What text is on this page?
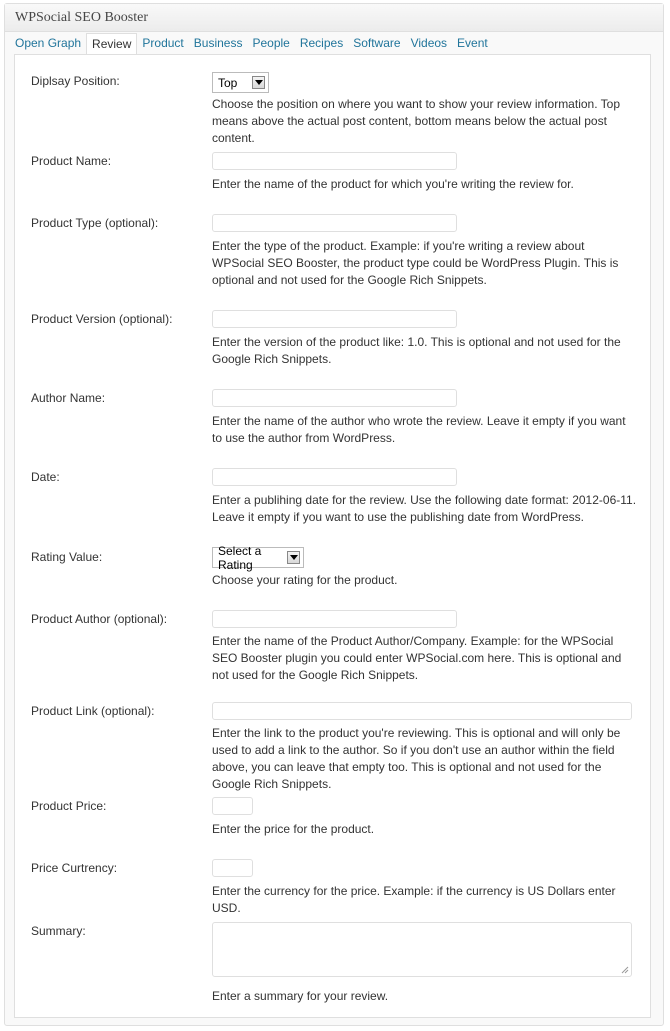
WPSocial SEO Booster
Open Graph Review Product Business People Recipes Software Videos Event
Diplsay Position:	Top
Choose the position on where you want to show your review information. Top means above the actual post content, bottom means below the actual post content.
Product Name:
Enter the name of the product for which you're writing the review for.
Product Type (optional):
Enter the type of the product. Example: if you're writing a review about WPSocial SEO Booster, the product type could be WordPress Plugin. This is optional and not used for the Google Rich Snippets.
Product Version (optional):
Enter the version of the product like: 1.0. This is optional and not used for the Google Rich Snippets.
Author Name:
Enter the name of the author who wrote the review. Leave it empty if you want to use the author from WordPress.
Date:
Enter a publihing date for the review. Use the following date format: 2012-06-11. Leave it empty if you want to use the publishing date from WordPress.
Rating Value:	Select a Rating
Choose your rating for the product.
Product Author (optional):
Enter the name of the Product Author/Company. Example: for the WPSocial SEO Booster plugin you could enter WPSocial.com here. This is optional and not used for the Google Rich Snippets.
Product Link (optional):
Enter the link to the product you're reviewing. This is optional and will only be used to add a link to the author. So if you don't use an author within the field above, you can leave that empty too. This is optional and not used for the Google Rich Snippets.
Product Price:
Enter the price for the product.
Price Curtrency:
Enter the currency for the price. Example: if the currency is US Dollars enter USD.
Summary:
Enter a summary for your review.
